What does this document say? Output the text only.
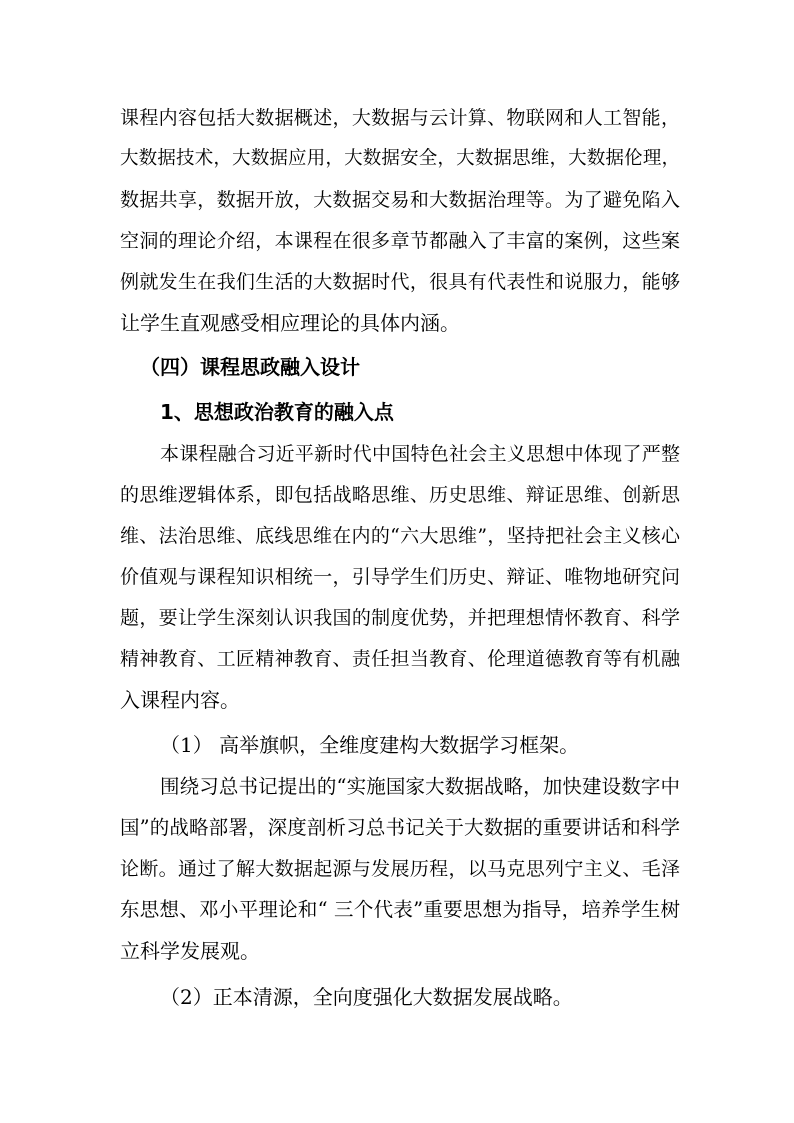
课程内容包括大数据概述，大数据与云计算、物联网和人工智能，
大数据技术，大数据应用，大数据安全，大数据思维，大数据伦理，
数据共享，数据开放，大数据交易和大数据治理等。为了避免陷入
空洞的理论介绍，本课程在很多章节都融入了丰富的案例，这些案
例就发生在我们生活的大数据时代，很具有代表性和说服力，能够
让学生直观感受相应理论的具体内涵。
（四）课程思政融入设计
1、思想政治教育的融入点
本课程融合习近平新时代中国特色社会主义思想中体现了严整
的思维逻辑体系，即包括战略思维、历史思维、辩证思维、创新思
维、法治思维、底线思维在内的“六大思维”，坚持把社会主义核心
价值观与课程知识相统一，引导学生们历史、辩证、唯物地研究问
题，要让学生深刻认识我国的制度优势，并把理想情怀教育、科学
精神教育、工匠精神教育、责任担当教育、伦理道德教育等有机融
入课程内容。
（1） 高举旗帜，全维度建构大数据学习框架。
围绕习总书记提出的“实施国家大数据战略，加快建设数字中
国”的战略部署，深度剖析习总书记关于大数据的重要讲话和科学
论断。通过了解大数据起源与发展历程，以马克思列宁主义、毛泽
东思想、邓小平理论和“ 三个代表”重要思想为指导，培养学生树
立科学发展观。
（2）正本清源，全向度强化大数据发展战略。
